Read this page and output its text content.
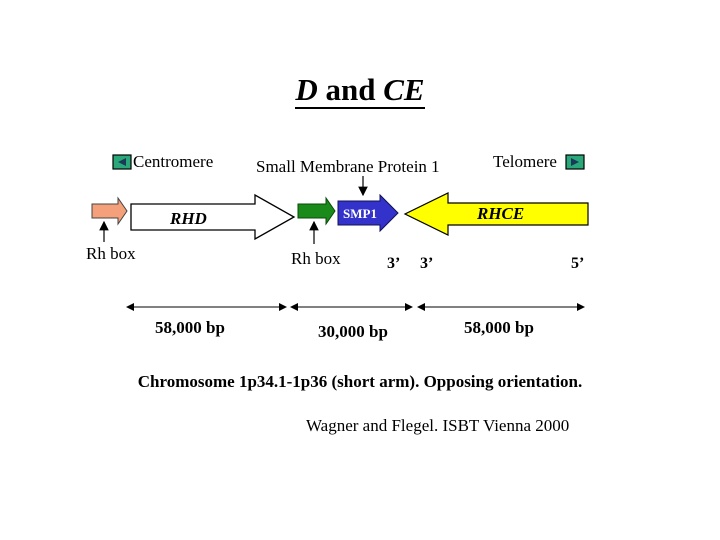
D and CE
Centromere	Telomere
Small Membrane Protein 1
Rh box
RHD
Rh box
SMP1	RHCE
3’ 3’	5’
58,000 bp	30,000 bp	58,000 bp
Chromosome 1p34.1-1p36 (short arm). Opposing orientation.
Wagner and Flegel. ISBT Vienna 2000
